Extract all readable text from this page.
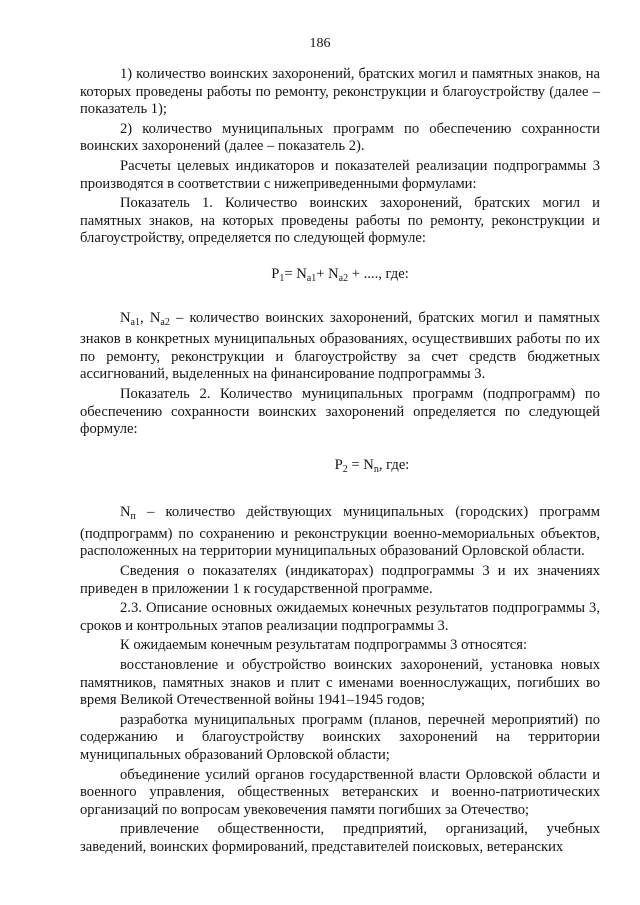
186

1) количество воинских захоронений, братских могил и памятных знаков, на которых проведены работы по ремонту, реконструкции и благоустройству (далее – показатель 1);

2) количество муниципальных программ по обеспечению сохранности воинских захоронений (далее – показатель 2).

Расчеты целевых индикаторов и показателей реализации подпрограммы 3 производятся в соответствии с нижеприведенными формулами:

Показатель 1. Количество воинских захоронений, братских могил и памятных знаков, на которых проведены работы по ремонту, реконструкции и благоустройству, определяется по следующей формуле:

$P_1= N_{a1}+ N_{a2}$ + ...., где:

$N_{a1}$, $N_{a2}$ – количество воинских захоронений, братских могил и памятных знаков в конкретных муниципальных образованиях, осуществивших работы по их по ремонту, реконструкции и благоустройству за счет средств бюджетных ассигнований, выделенных на финансирование подпрограммы 3.

Показатель 2. Количество муниципальных программ (подпрограмм) по обеспечению сохранности воинских захоронений определяется по следующей формуле:

$P_2 = N_n$, где:

$N_п$ – количество действующих муниципальных (городских) программ (подпрограмм) по сохранению и реконструкции военно-мемориальных объектов, расположенных на территории муниципальных образований Орловской области.

Сведения о показателях (индикаторах) подпрограммы 3 и их значениях приведен в приложении 1 к государственной программе.

2.3. Описание основных ожидаемых конечных результатов подпрограммы 3, сроков и контрольных этапов реализации подпрограммы 3.

К ожидаемым конечным результатам подпрограммы 3 относятся:

восстановление и обустройство воинских захоронений, установка новых памятников, памятных знаков и плит с именами военнослужащих, погибших во время Великой Отечественной войны 1941–1945 годов;

разработка муниципальных программ (планов, перечней мероприятий) по содержанию и благоустройству воинских захоронений на территории муниципальных образований Орловской области;

объединение усилий органов государственной власти Орловской области и военного управления, общественных ветеранских и военно-патриотических организаций по вопросам увековечения памяти погибших за Отечество;

привлечение общественности, предприятий, организаций, учебных заведений, воинских формирований, представителей поисковых, ветеранских
